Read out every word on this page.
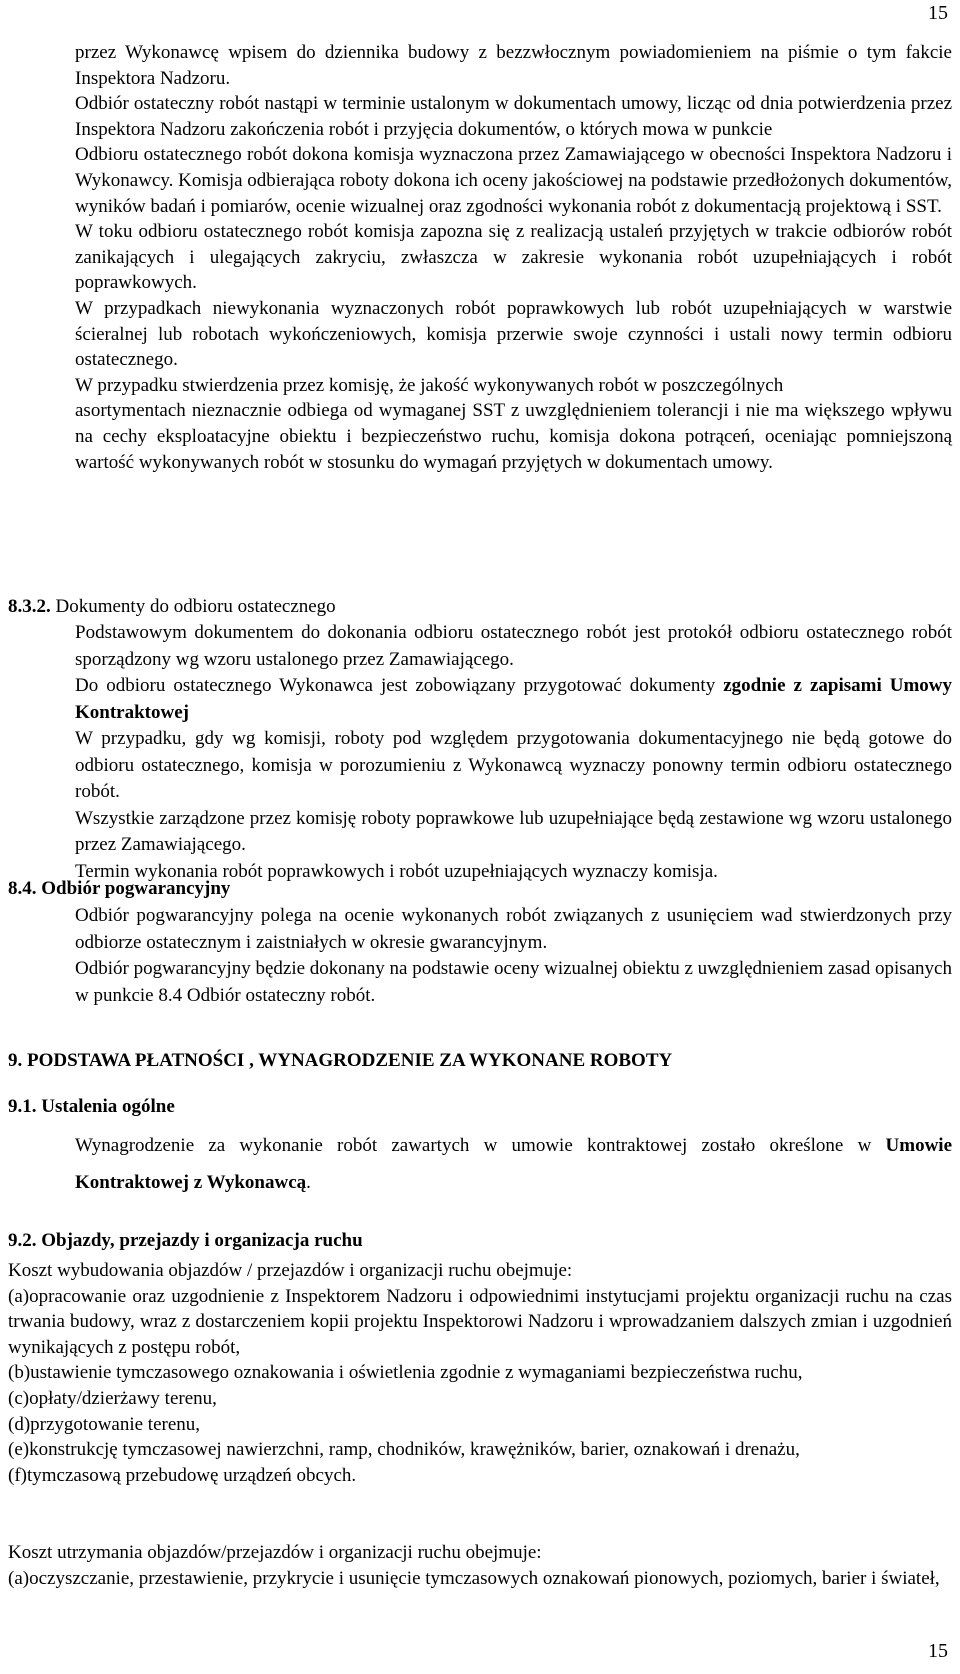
15

przez Wykonawcę wpisem do dziennika budowy z bezzwłocznym powiadomieniem na piśmie o tym fakcie Inspektora Nadzoru.

Odbiór ostateczny robót nastąpi w terminie ustalonym w dokumentach umowy, licząc od dnia potwierdzenia przez Inspektora Nadzoru zakończenia robót i przyjęcia dokumentów, o których mowa w punkcie

Odbioru ostatecznego robót dokona komisja wyznaczona przez Zamawiającego w obecności Inspektora Nadzoru i Wykonawcy. Komisja odbierająca roboty dokona ich oceny jakościowej na podstawie przedłożonych dokumentów, wyników badań i pomiarów, ocenie wizualnej oraz zgodności wykonania robót z dokumentacją projektową i SST.

W toku odbioru ostatecznego robót komisja zapozna się z realizacją ustaleń przyjętych w trakcie odbiorów robót zanikających i ulegających zakryciu, zwłaszcza w zakresie wykonania robót uzupełniających i robót poprawkowych.

W przypadkach niewykonania wyznaczonych robót poprawkowych lub robót uzupełniających w warstwie ścieralnej lub robotach wykończeniowych, komisja przerwie swoje czynności i ustali nowy termin odbioru ostatecznego.

W przypadku stwierdzenia przez komisję, że jakość wykonywanych robót w poszczególnych

asortymentach nieznacznie odbiega od wymaganej SST z uwzględnieniem tolerancji i nie ma większego wpływu na cechy eksploatacyjne obiektu i bezpieczeństwo ruchu, komisja dokona potrąceń, oceniając pomniejszoną wartość wykonywanych robót w stosunku do wymagań przyjętych w dokumentach umowy.

8.3.2. Dokumenty do odbioru ostatecznego

Podstawowym dokumentem do dokonania odbioru ostatecznego robót jest protokół odbioru ostatecznego robót sporządzony wg wzoru ustalonego przez Zamawiającego.

Do odbioru ostatecznego Wykonawca jest zobowiązany przygotować dokumenty zgodnie z zapisami Umowy Kontraktowej

W przypadku, gdy wg komisji, roboty pod względem przygotowania dokumentacyjnego nie będą gotowe do odbioru ostatecznego, komisja w porozumieniu z Wykonawcą wyznaczy ponowny termin odbioru ostatecznego robót.

Wszystkie zarządzone przez komisję roboty poprawkowe lub uzupełniające będą zestawione wg wzoru ustalonego przez Zamawiającego.

Termin wykonania robót poprawkowych i robót uzupełniających wyznaczy komisja.

8.4. Odbiór pogwarancyjny

Odbiór pogwarancyjny polega na ocenie wykonanych robót związanych z usunięciem wad stwierdzonych przy odbiorze ostatecznym i zaistniałych w okresie gwarancyjnym.

Odbiór pogwarancyjny będzie dokonany na podstawie oceny wizualnej obiektu z uwzględnieniem zasad opisanych w punkcie 8.4 Odbiór ostateczny robót.

9. PODSTAWA PŁATNOŚCI , WYNAGRODZENIE ZA WYKONANE ROBOTY
9.1. Ustalenia ogólne

Wynagrodzenie za wykonanie robót zawartych w umowie kontraktowej zostało określone w Umowie Kontraktowej z Wykonawcą.

9.2. Objazdy, przejazdy i organizacja ruchu

Koszt wybudowania objazdów / przejazdów i organizacji ruchu obejmuje:

(a)opracowanie oraz uzgodnienie z Inspektorem Nadzoru i odpowiednimi instytucjami projektu organizacji ruchu na czas trwania budowy, wraz z dostarczeniem kopii projektu Inspektorowi Nadzoru i wprowadzaniem dalszych zmian i uzgodnień wynikających z postępu robót,

(b)ustawienie tymczasowego oznakowania i oświetlenia zgodnie z wymaganiami bezpieczeństwa ruchu,

(c)opłaty/dzierżawy terenu,

(d)przygotowanie terenu,

(e)konstrukcję tymczasowej nawierzchni, ramp, chodników, krawężników, barier, oznakowań i drenażu,

(f)tymczasową przebudowę urządzeń obcych.

Koszt utrzymania objazdów/przejazdów i organizacji ruchu obejmuje:

(a)oczyszczanie, przestawienie, przykrycie i usunięcie tymczasowych oznakowań pionowych, poziomych, barier i świateł,

15
